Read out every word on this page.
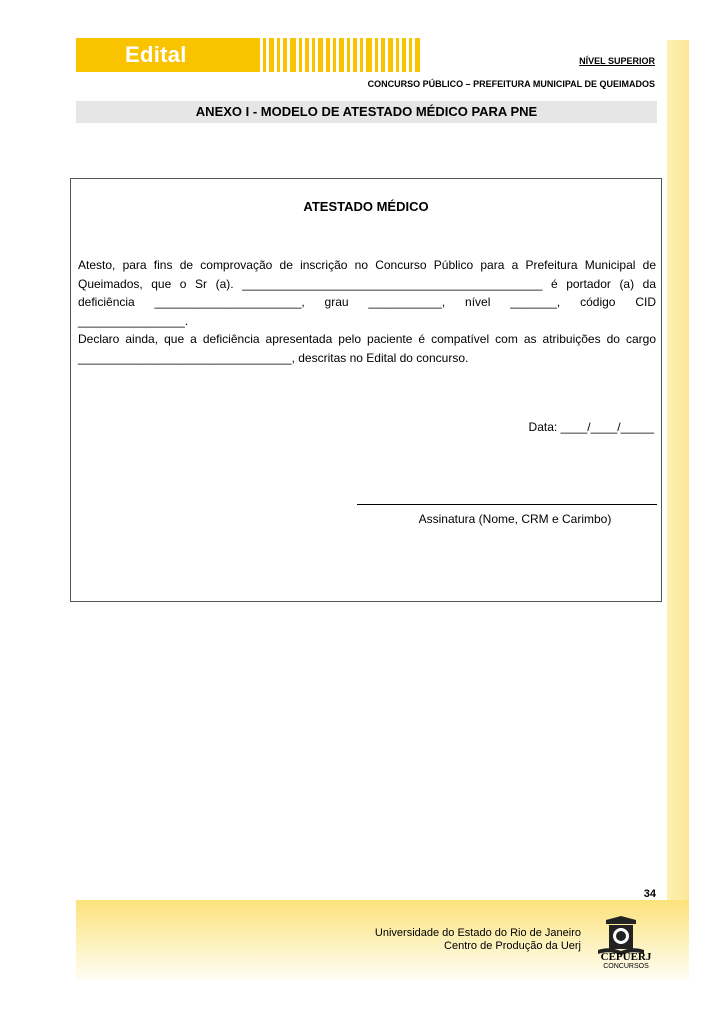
Edital	NÍVEL SUPERIOR
CONCURSO PÚBLICO – PREFEITURA MUNICIPAL DE QUEIMADOS
ANEXO I - MODELO DE ATESTADO MÉDICO PARA PNE
ATESTADO MÉDICO

Atesto, para fins de comprovação de inscrição no Concurso Público para a Prefeitura Municipal de

Queimados, que o Sr (a). _____________________________________________ é portador (a) da

deficiência ______________________, grau ___________, nível _______, código CID

________________.

Declaro ainda, que a deficiência apresentada pelo paciente é compatível com as atribuições do cargo

________________________________, descritas no Edital do concurso.

Data: ____/____/_____
Assinatura (Nome, CRM e Carimbo)
34
Universidade do Estado do Rio de Janeiro
Centro de Produção da Uerj
CEPUERJ
CONCURSOS
